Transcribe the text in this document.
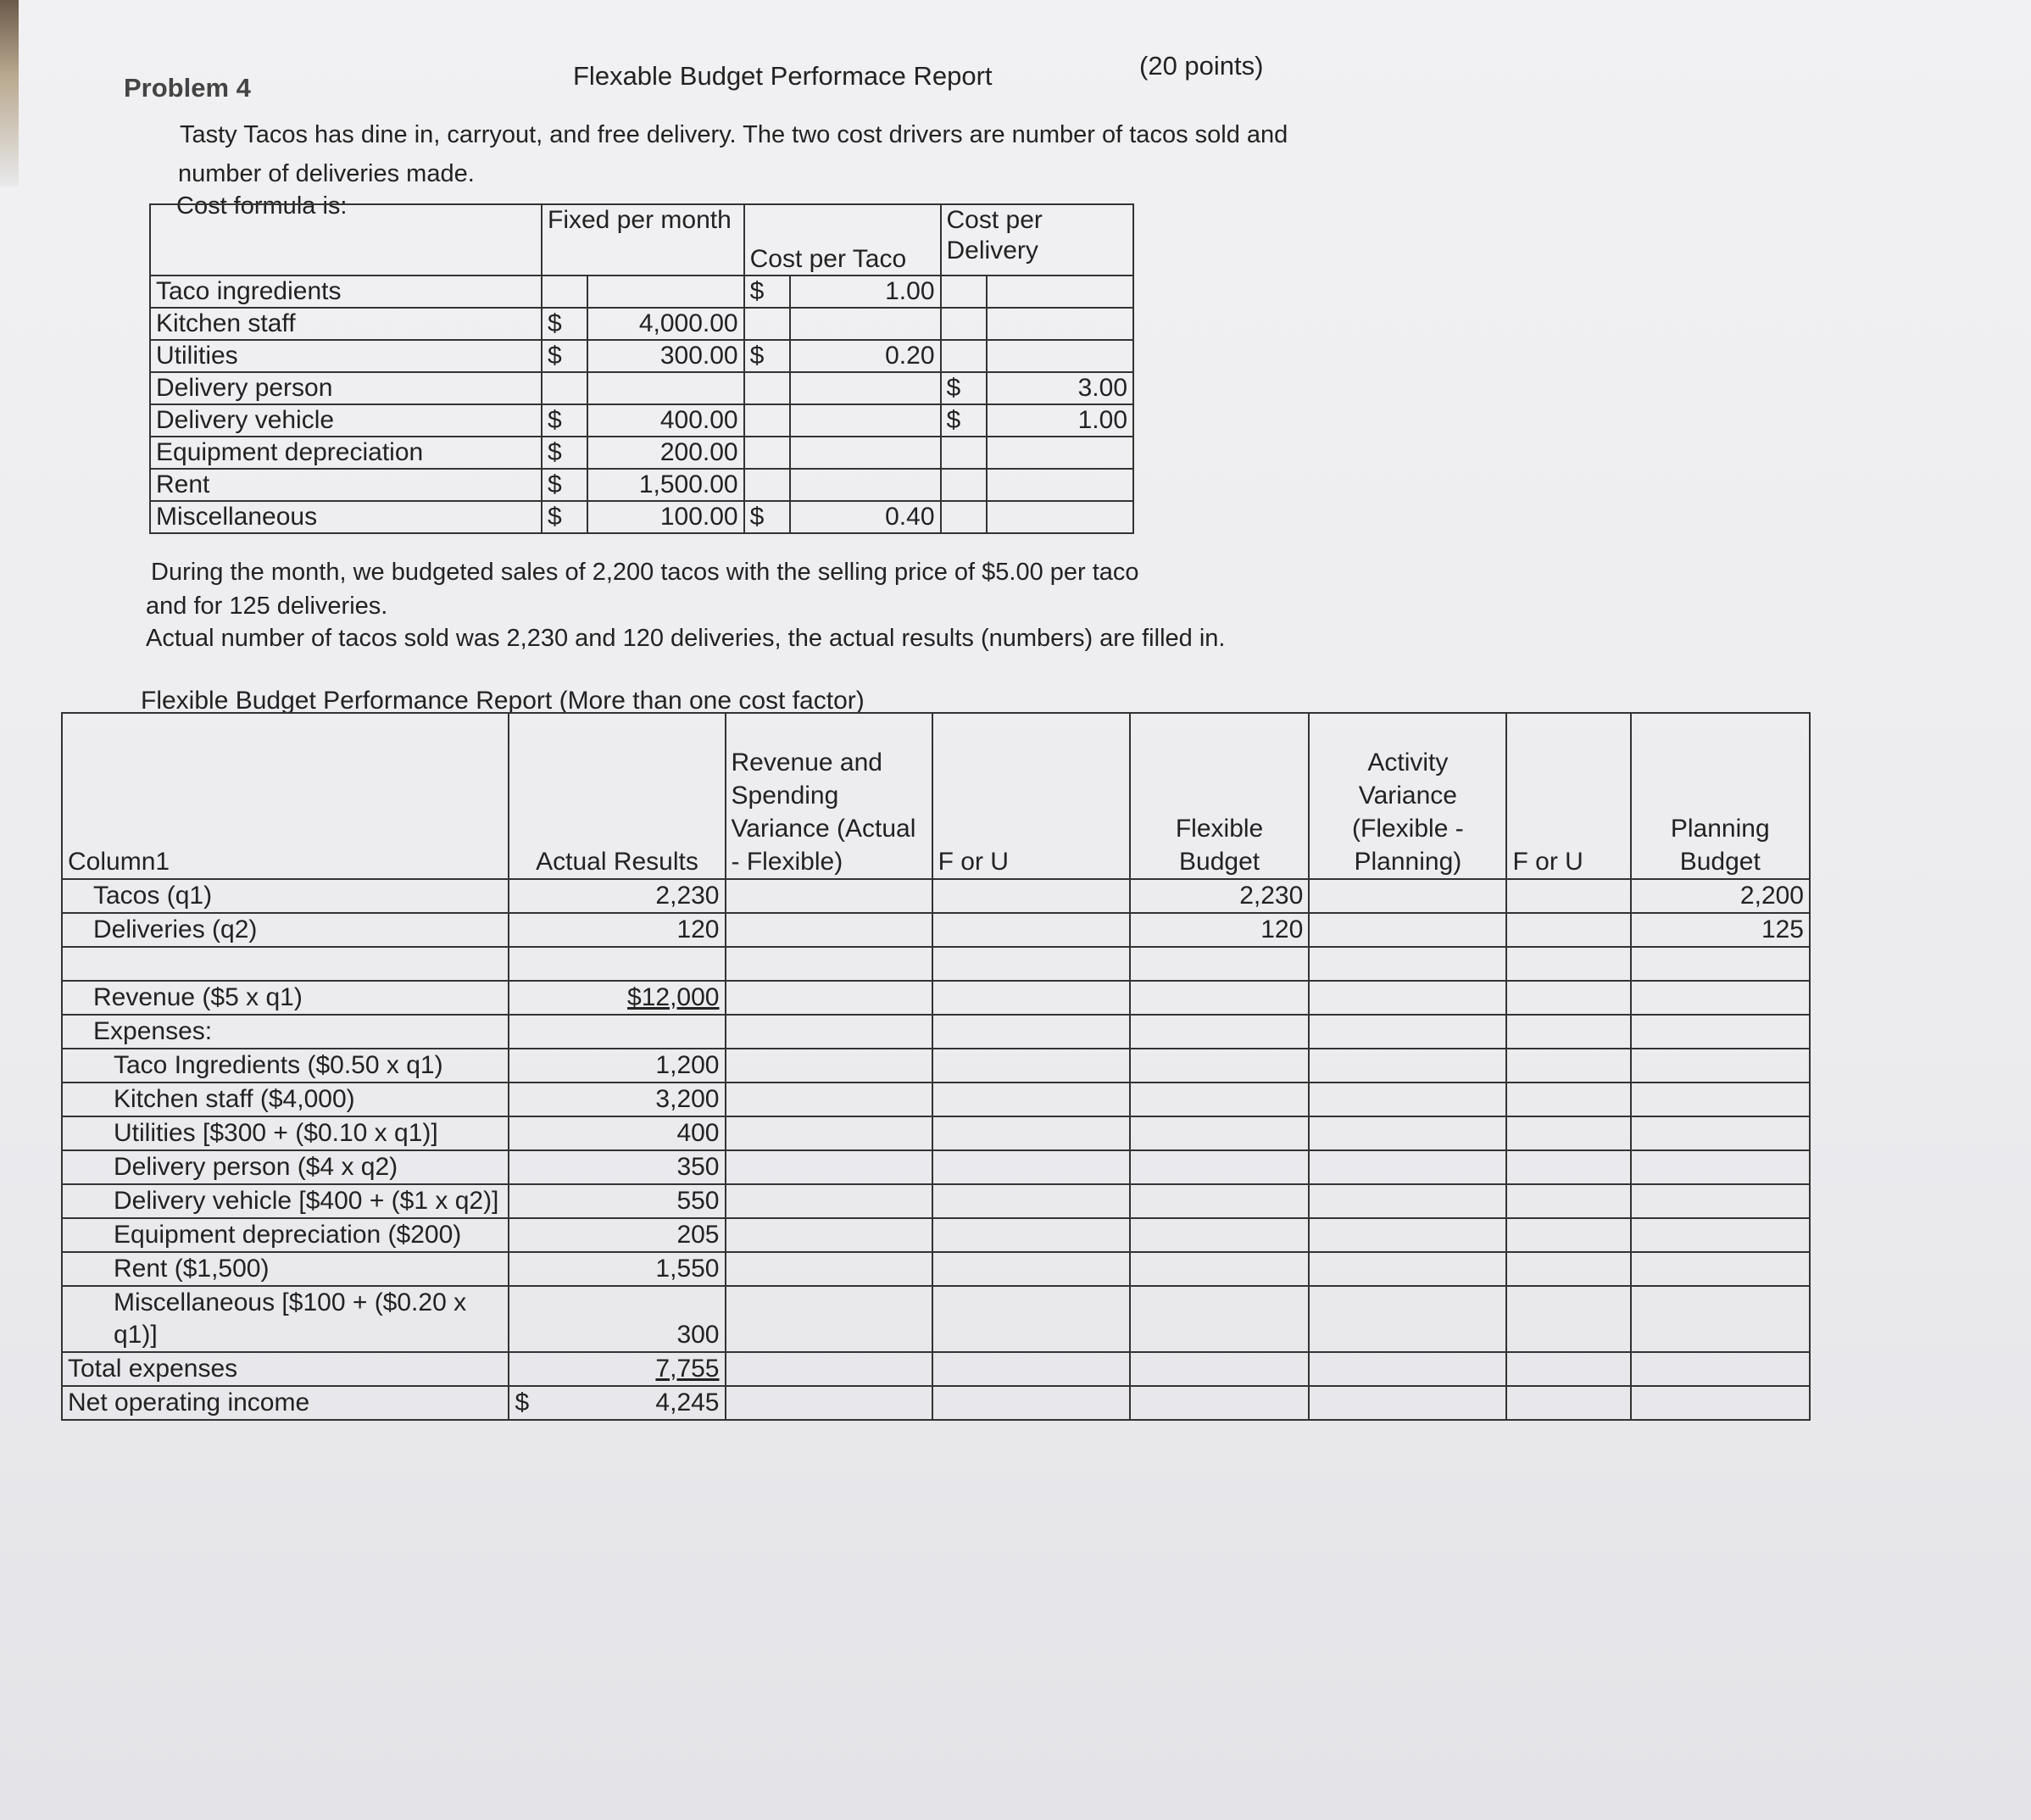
Problem 4	Flexable Budget Performace Report	(20 points)
Tasty Tacos has dine in, carryout, and free delivery. The two cost drivers are number of tacos sold and
number of deliveries made.
Cost formula is:
		Fixed per month		Cost per Taco		Cost per Delivery	
Taco ingredients			$	1.00		
Kitchen staff	$	4,000.00				
Utilities	$	300.00	$	0.20		
Delivery person					$	3.00
Delivery vehicle	$	400.00			$	1.00
Equipment depreciation	$	200.00				
Rent	$	1,500.00				
Miscellaneous	$	100.00	$	0.40		
During the month, we budgeted sales of 2,200 tacos with the selling price of $5.00 per taco
and for 125 deliveries.
Actual number of tacos sold was 2,230 and 120 deliveries, the actual results (numbers) are filled in.
Flexible Budget Performance Report (More than one cost factor)
Column1	Actual Results	Revenue and Spending Variance (Actual - Flexible)	F or U	Flexible Budget	Activity Variance (Flexible - Planning)	F or U	Planning Budget
Tacos (q1)	2,230			2,230			2,200
Deliveries (q2)	120			120			125

Revenue ($5 x q1)	$12,000						
Expenses:							
Taco Ingredients ($0.50 x q1)	1,200						
Kitchen staff ($4,000)	3,200						
Utilities [$300 + ($0.10 x q1)]	400						
Delivery person ($4 x q2)	350						
Delivery vehicle [$400 + ($1 x q2)]	550						
Equipment depreciation ($200)	205						
Rent ($1,500)	1,550						
Miscellaneous [$100 + ($0.20 x q1)]	300						
Total expenses	7,755						
Net operating income	$ 4,245						
